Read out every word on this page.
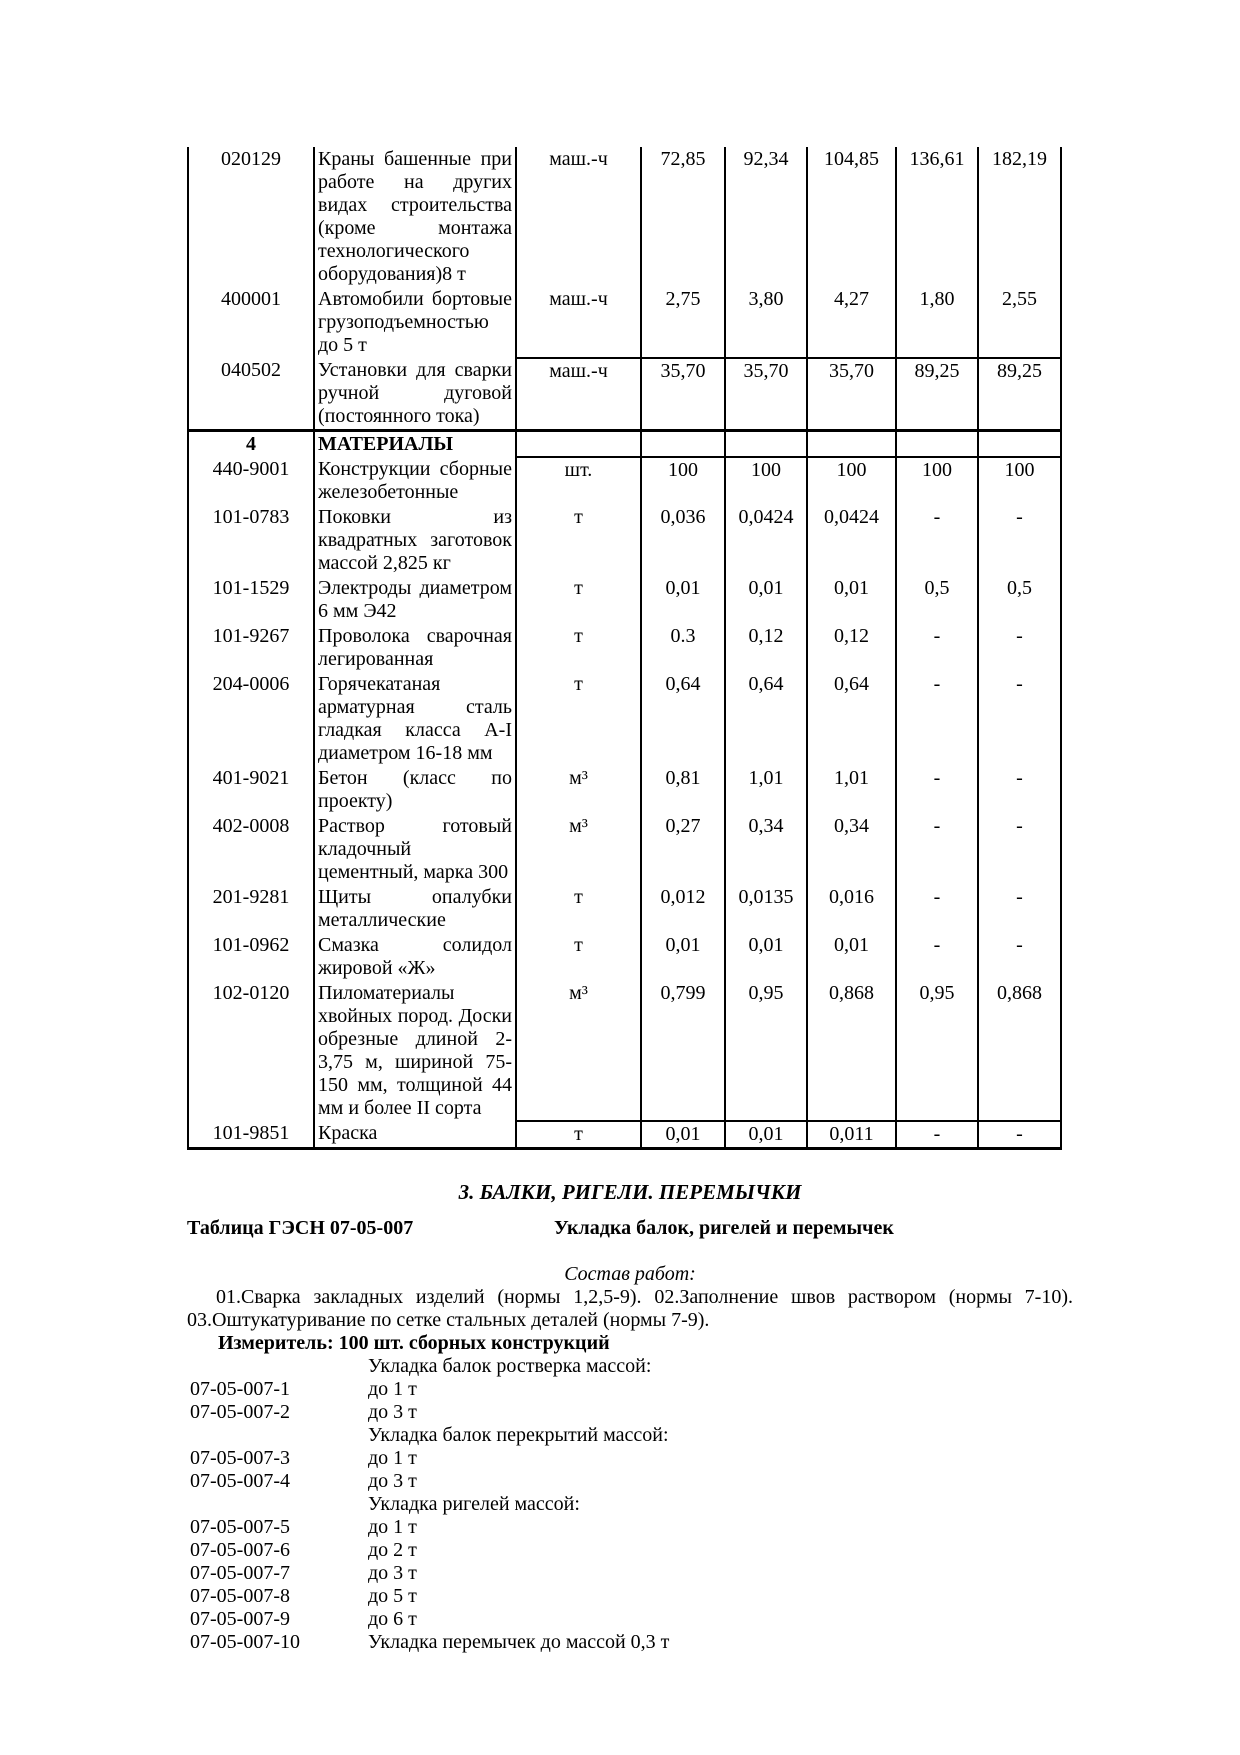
020129	Краны башенные при работе на других видах строительства (кроме монтажа технологического оборудования)8 т	маш.-ч	72,85	92,34	104,85	136,61	182,19
400001	Автомобили бортовые грузоподъемностью до 5 т	маш.-ч	2,75	3,80	4,27	1,80	2,55
040502	Установки для сварки ручной дуговой (постоянного тока)	маш.-ч	35,70	35,70	35,70	89,25	89,25
4	МАТЕРИАЛЫ						
440-9001	Конструкции сборные железобетонные	шт.	100	100	100	100	100
101-0783	Поковки из квадратных заготовок массой 2,825 кг	т	0,036	0,0424	0,0424	-	-
101-1529	Электроды диаметром 6 мм Э42	т	0,01	0,01	0,01	0,5	0,5
101-9267	Проволока сварочная легированная	т	0.3	0,12	0,12	-	-
204-0006	Горячекатаная арматурная сталь гладкая класса А-I диаметром 16-18 мм	т	0,64	0,64	0,64	-	-
401-9021	Бетон (класс по проекту)	м³	0,81	1,01	1,01	-	-
402-0008	Раствор готовый кладочный цементный, марка 300	м³	0,27	0,34	0,34	-	-
201-9281	Щиты опалубки металлические	т	0,012	0,0135	0,016	-	-
101-0962	Смазка солидол жировой «Ж»	т	0,01	0,01	0,01	-	-
102-0120	Пиломатериалы хвойных пород. Доски обрезные длиной 2-3,75 м, шириной 75-150 мм, толщиной 44 мм и более II сорта	м³	0,799	0,95	0,868	0,95	0,868
101-9851	Краска	т	0,01	0,01	0,011	-	-
3. БАЛКИ, РИГЕЛИ. ПЕРЕМЫЧКИ
Таблица ГЭСН 07-05-007	Укладка балок, ригелей и перемычек
Состав работ:

01.Сварка закладных изделий (нормы 1,2,5-9). 02.Заполнение швов раствором (нормы 7-10). 03.Оштукатуривание по сетке стальных деталей (нормы 7-9).

Измеритель: 100 шт. сборных конструкций
Укладка балок ростверка массой:
07-05-007-1	до 1 т
07-05-007-2	до 3 т
Укладка балок перекрытий массой:
07-05-007-3	до 1 т
07-05-007-4	до 3 т
Укладка ригелей массой:
07-05-007-5	до 1 т
07-05-007-6	до 2 т
07-05-007-7	до 3 т
07-05-007-8	до 5 т
07-05-007-9	до 6 т
07-05-007-10	Укладка перемычек до массой 0,3 т
